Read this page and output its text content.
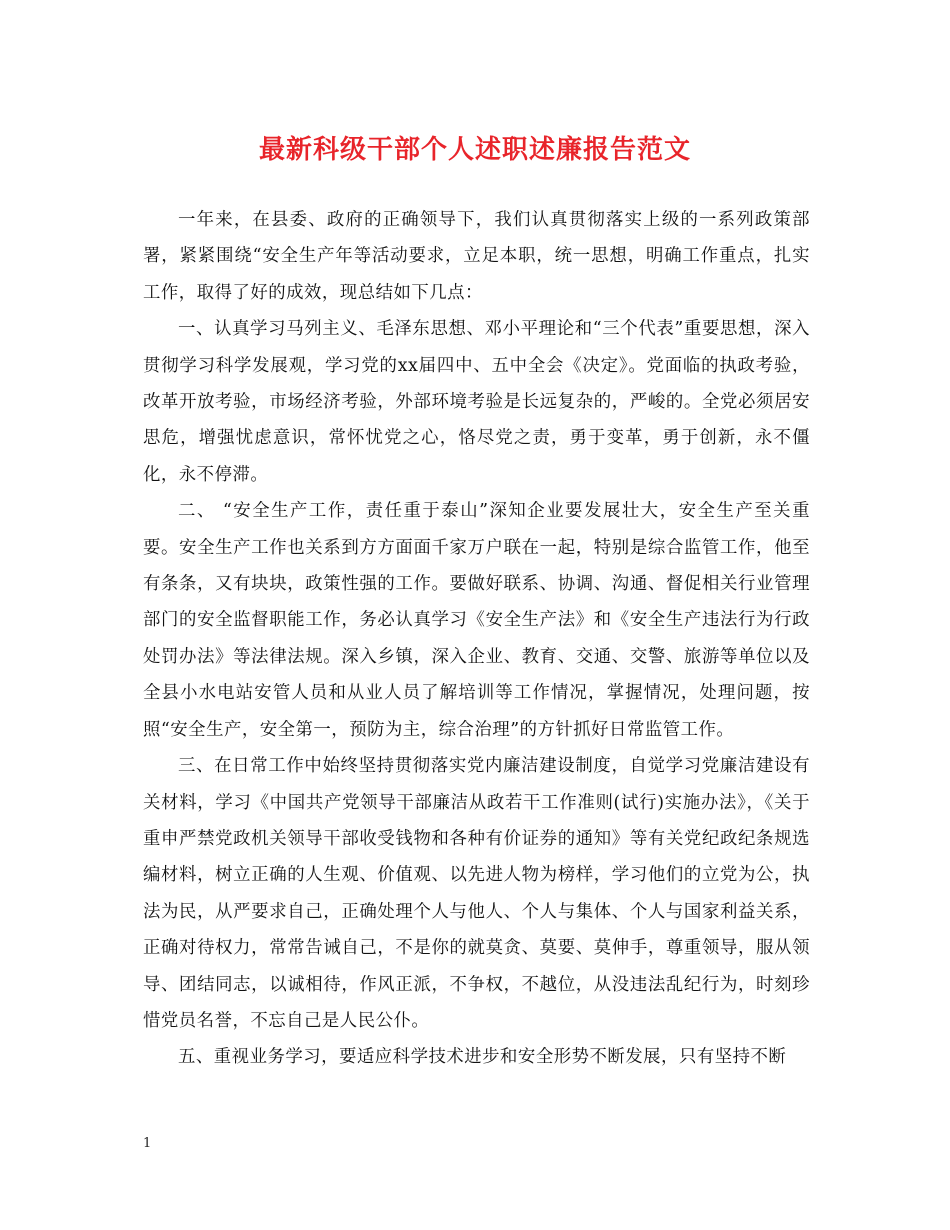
最新科级干部个人述职述廉报告范文

一年来，在县委、政府的正确领导下，我们认真贯彻落实上级的一系列政策部署，紧紧围绕“安全生产年等活动要求，立足本职，统一思想，明确工作重点，扎实工作，取得了好的成效，现总结如下几点：

一、认真学习马列主义、毛泽东思想、邓小平理论和“三个代表”重要思想，深入贯彻学习科学发展观，学习党的xx届四中、五中全会《决定》。党面临的执政考验，改革开放考验，市场经济考验，外部环境考验是长远复杂的，严峻的。全党必须居安思危，增强忧虑意识，常怀忧党之心，恪尽党之责，勇于变革，勇于创新，永不僵化，永不停滞。

二、 “安全生产工作，责任重于泰山”深知企业要发展壮大，安全生产至关重要。安全生产工作也关系到方方面面千家万户联在一起，特别是综合监管工作，他至有条条，又有块块，政策性强的工作。要做好联系、协调、沟通、督促相关行业管理部门的安全监督职能工作，务必认真学习《安全生产法》和《安全生产违法行为行政处罚办法》等法律法规。深入乡镇，深入企业、教育、交通、交警、旅游等单位以及全县小水电站安管人员和从业人员了解培训等工作情况，掌握情况，处理问题，按照“安全生产，安全第一，预防为主，综合治理”的方针抓好日常监管工作。

三、在日常工作中始终坚持贯彻落实党内廉洁建设制度，自觉学习党廉洁建设有关材料，学习《中国共产党领导干部廉洁从政若干工作准则(试行)实施办法》，《关于重申严禁党政机关领导干部收受钱物和各种有价证券的通知》等有关党纪政纪条规选编材料，树立正确的人生观、价值观、以先进人物为榜样，学习他们的立党为公，执法为民，从严要求自己，正确处理个人与他人、个人与集体、个人与国家利益关系，正确对待权力，常常告诫自己，不是你的就莫贪、莫要、莫伸手，尊重领导，服从领导、团结同志，以诚相待，作风正派，不争权，不越位，从没违法乱纪行为，时刻珍惜党员名誉，不忘自己是人民公仆。

五、重视业务学习，要适应科学技术进步和安全形势不断发展，只有坚持不断

1
